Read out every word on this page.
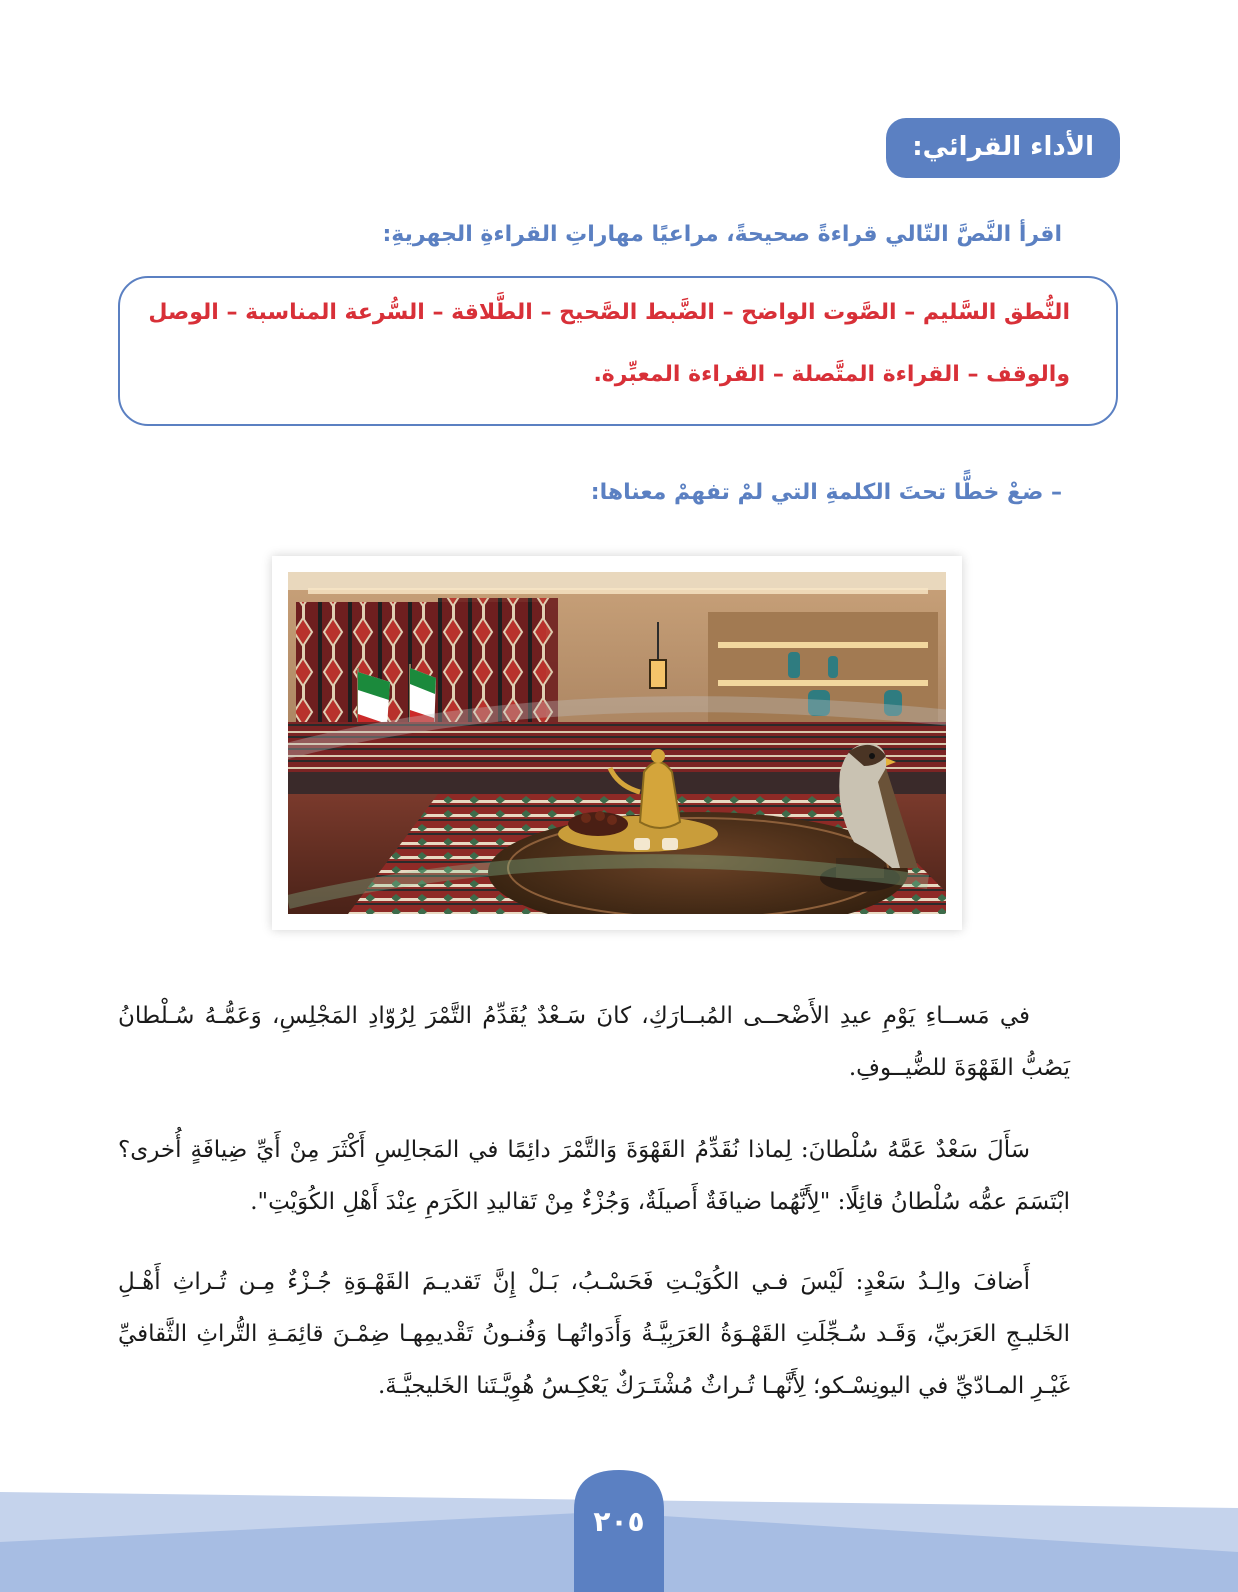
الأداء القرائي:
اقرأ النَّصَّ التّالي قراءةً صحيحةً، مراعيًا مهاراتِ القراءةِ الجهريةِ:
النُّطق السَّليم – الصَّوت الواضح – الضَّبط الصَّحيح – الطَّلاقة – السُّرعة المناسبة – الوصل
والوقف – القراءة المتَّصلة – القراءة المعبِّرة.
– ضعْ خطًّا تحتَ الكلمةِ التي لمْ تفهمْ معناها:
في مَســاءِ يَوْمِ عيدِ الأَضْحــى المُبــارَكِ، كانَ سَـعْدٌ يُقَدِّمُ التَّمْرَ لِرُوّادِ المَجْلِسِ، وَعَمُّـهُ سُـلْطانُ يَصُبُّ القَهْوَةَ للضُّيــوفِ.
سَأَلَ سَعْدٌ عَمَّهُ سُلْطانَ: لِماذا نُقَدِّمُ القَهْوَةَ وَالتَّمْرَ دائِمًا في المَجالِسِ أَكْثَرَ مِنْ أَيِّ ضِيافَةٍ أُخرى؟ ابْتَسَمَ عمُّه سُلْطانُ قائِلًا: "لِأَنَّهُما ضيافَةٌ أَصيلَةٌ، وَجُزْءٌ مِنْ تَقاليدِ الكَرَمِ عِنْدَ أَهْلِ الكُوَيْتِ".
أَضافَ والِـدُ سَعْدٍ: لَيْسَ فـي الكُوَيْـتِ فَحَسْـبُ، بَـلْ إِنَّ تَقديـمَ القَهْـوَةِ جُـزْءٌ مِـن تُـراثِ أَهْـلِ الخَليـجِ العَرَبيِّ، وَقَـد سُـجِّلَتِ القَهْـوَةُ العَرَبِيَّـةُ وَأَدَواتُهـا وَفُنـونُ تَقْديمِهـا ضِمْـنَ قائِمَـةِ التُّراثِ الثَّقافيِّ غَيْـرِ المـادّيِّ في اليونِسْـكو؛ لِأَنَّهـا تُـراثٌ مُشْتَـرَكٌ يَعْكِـسُ هُوِيَّـتَنا الخَليجيَّـةَ.
٢٠٥
